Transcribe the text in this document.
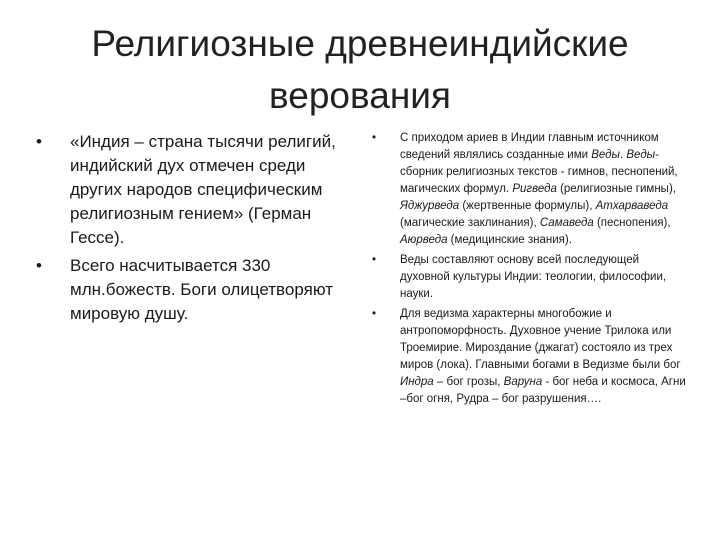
Религиозные древнеиндийские верования
• «Индия – страна тысячи религий, индийский дух отмечен среди других народов специфическим религиозным гением» (Герман Гессе).
• Всего насчитывается 330 млн.божеств. Боги олицетворяют мировую душу.
• С приходом ариев в Индии главным источником сведений являлись созданные ими Веды. Веды- сборник религиозных текстов - гимнов, песнопений, магических формул. Ригведа (религиозные гимны), Яджурведа (жертвенные формулы), Атхарваведа (магические заклинания), Самаведа (песнопения), Аюрведа (медицинские знания).
• Веды составляют основу всей последующей духовной культуры Индии: теологии, философии, науки.
• Для ведизма характерны многобожие и антропоморфность. Духовное учение Трилока или Троемирие. Мироздание (джагат) состояло из трех миров (лока). Главными богами в Ведизме были бог Индра – бог грозы, Варуна - бог неба и космоса, Агни –бог огня, Рудра – бог разрушения….
